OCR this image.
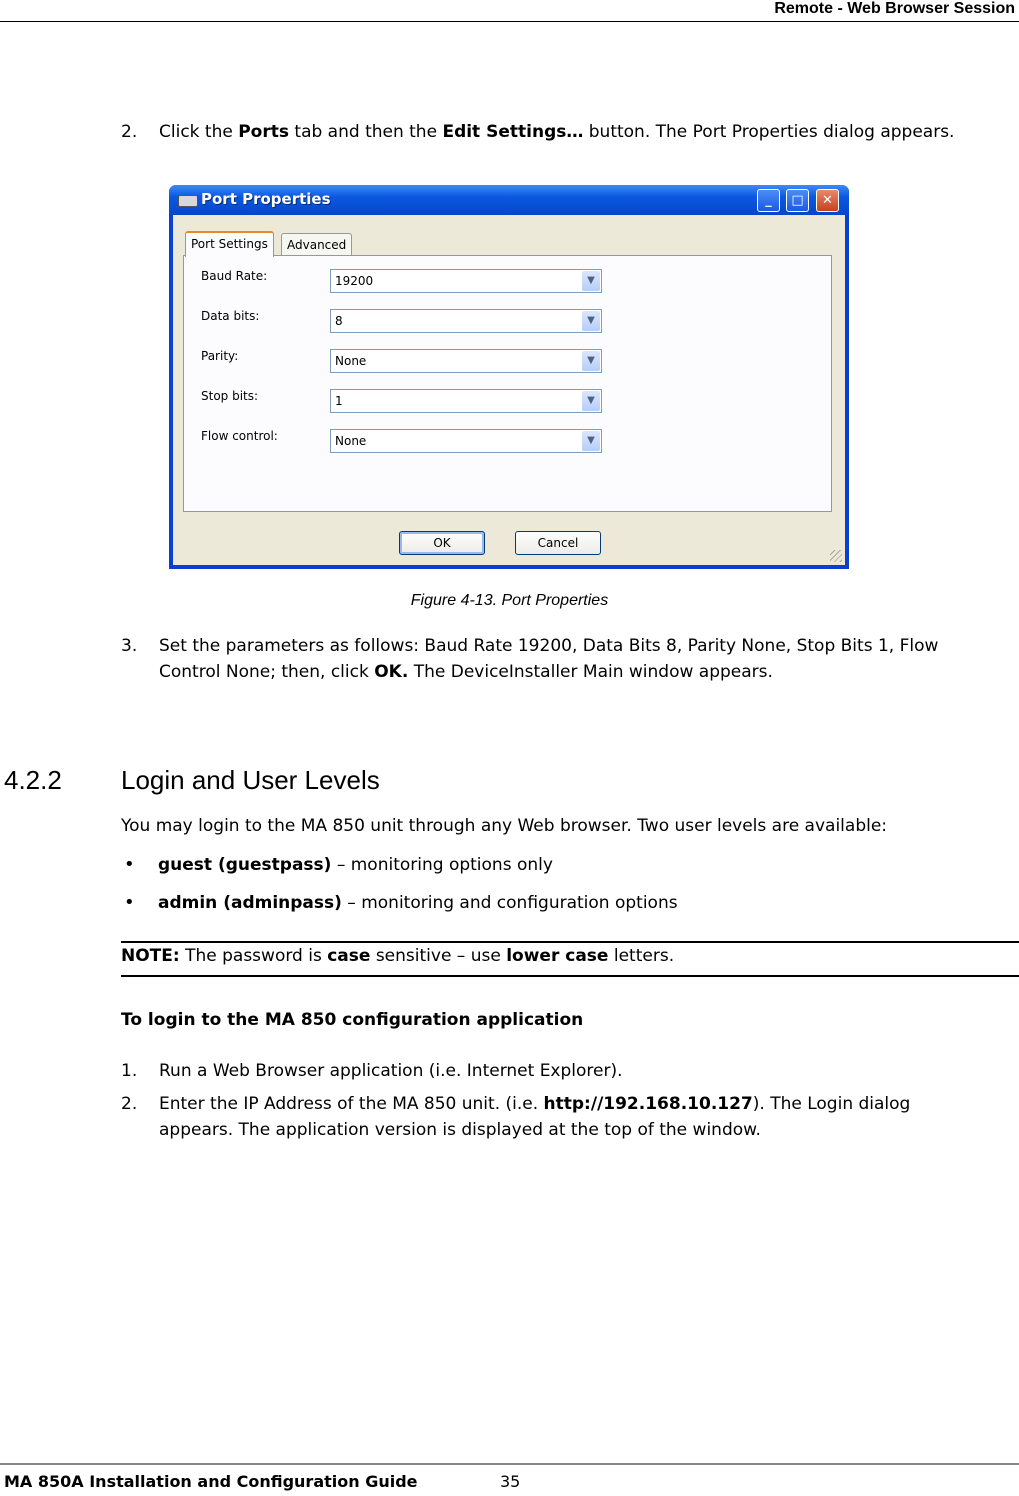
Remote - Web Browser Session
2. Click the Ports tab and then the Edit Settings… button. The Port Properties dialog appears.
Port Properties	_	□	✕
Port Settings	Advanced
Baud Rate:	19200	▼
Data bits:	8	▼
Parity:	None	▼
Stop bits:	1	▼
Flow control:	None	▼
OK	Cancel
Figure 4-13. Port Properties
3. Set the parameters as follows: Baud Rate 19200, Data Bits 8, Parity None, Stop Bits 1, Flow Control None; then, click OK. The DeviceInstaller Main window appears.
4.2.2 Login and User Levels
You may login to the MA 850 unit through any Web browser. Two user levels are available:
• guest (guestpass) – monitoring options only
• admin (adminpass) – monitoring and configuration options
NOTE: The password is case sensitive – use lower case letters.
To login to the MA 850 configuration application
1. Run a Web Browser application (i.e. Internet Explorer).
2. Enter the IP Address of the MA 850 unit. (i.e. http://192.168.10.127). The Login dialog appears. The application version is displayed at the top of the window.
MA 850A Installation and Configuration Guide	35
